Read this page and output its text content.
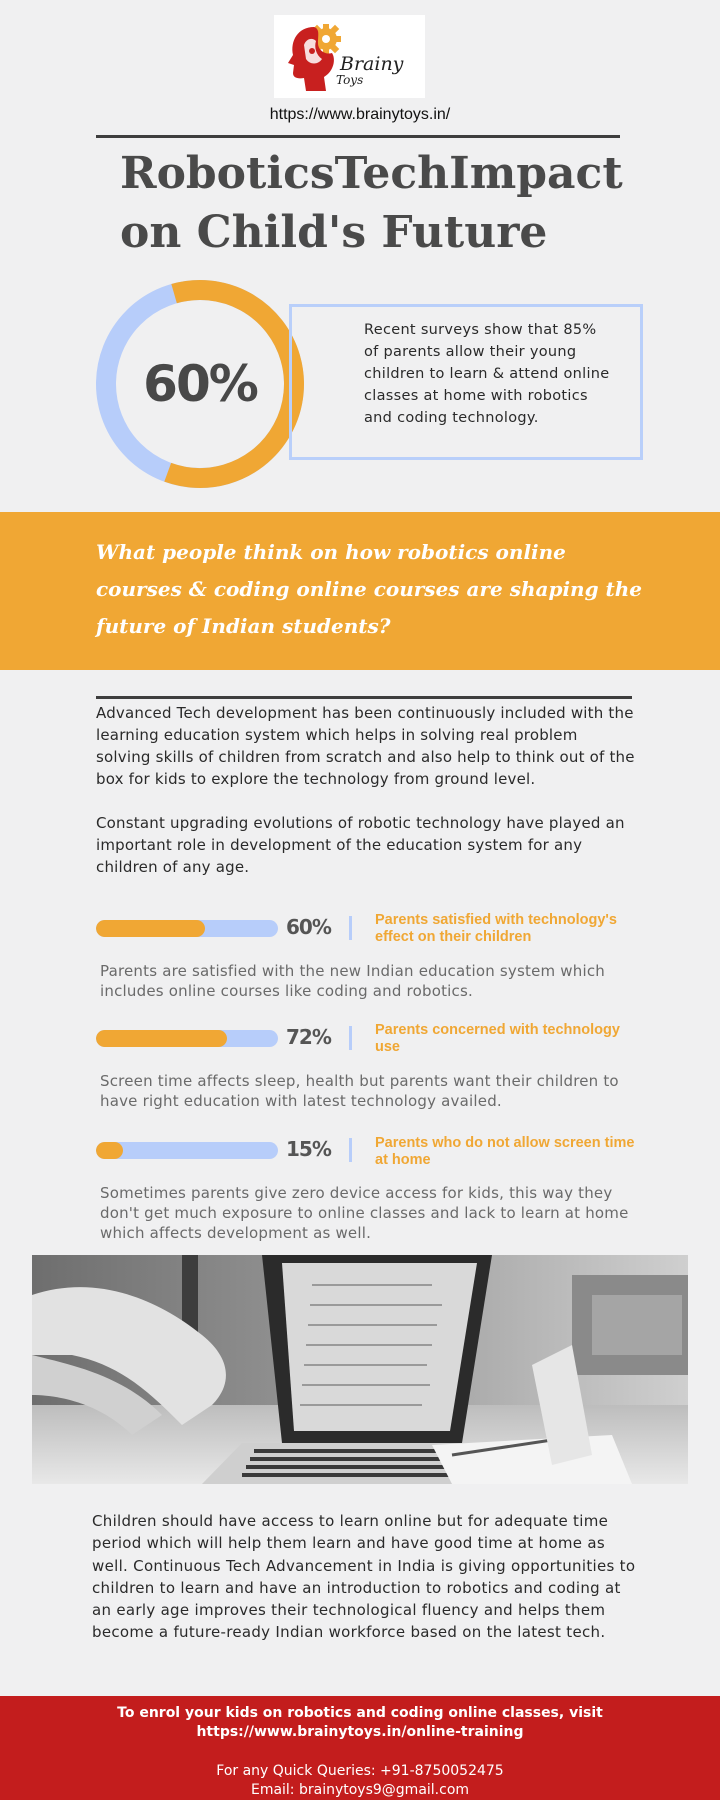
Brainy
Toys
https://www.brainytoys.in/
Robotics Tech Impact
on Child's Future
60%
Recent surveys show that 85% of parents allow their young children to learn & attend online classes at home with robotics and coding technology.
What people think on how robotics online courses & coding online courses are shaping the future of Indian students?
Advanced Tech development has been continuously included with the learning education system which helps in solving real problem solving skills of children from scratch and also help to think out of the box for kids to explore the technology from ground level.
Constant upgrading evolutions of robotic technology have played an important role in development of the education system for any children of any age.
60%	Parents satisfied with technology's effect on their children
Parents are satisfied with the new Indian education system which includes online courses like coding and robotics.
72%	Parents concerned with technology use
Screen time affects sleep, health but parents want their children to have right education with latest technology availed.
15%	Parents who do not allow screen time at home
Sometimes parents give zero device access for kids, this way they don't get much exposure to online classes and lack to learn at home which affects development as well.
Children should have access to learn online but for adequate time period which will help them learn and have good time at home as well. Continuous Tech Advancement in India is giving opportunities to children to learn and have an introduction to robotics and coding at an early age improves their technological fluency and helps them become a future-ready Indian workforce based on the latest tech.
To enrol your kids on robotics and coding online classes, visit
https://www.brainytoys.in/online-training
For any Quick Queries: +91-8750052475
Email: brainytoys9@gmail.com
